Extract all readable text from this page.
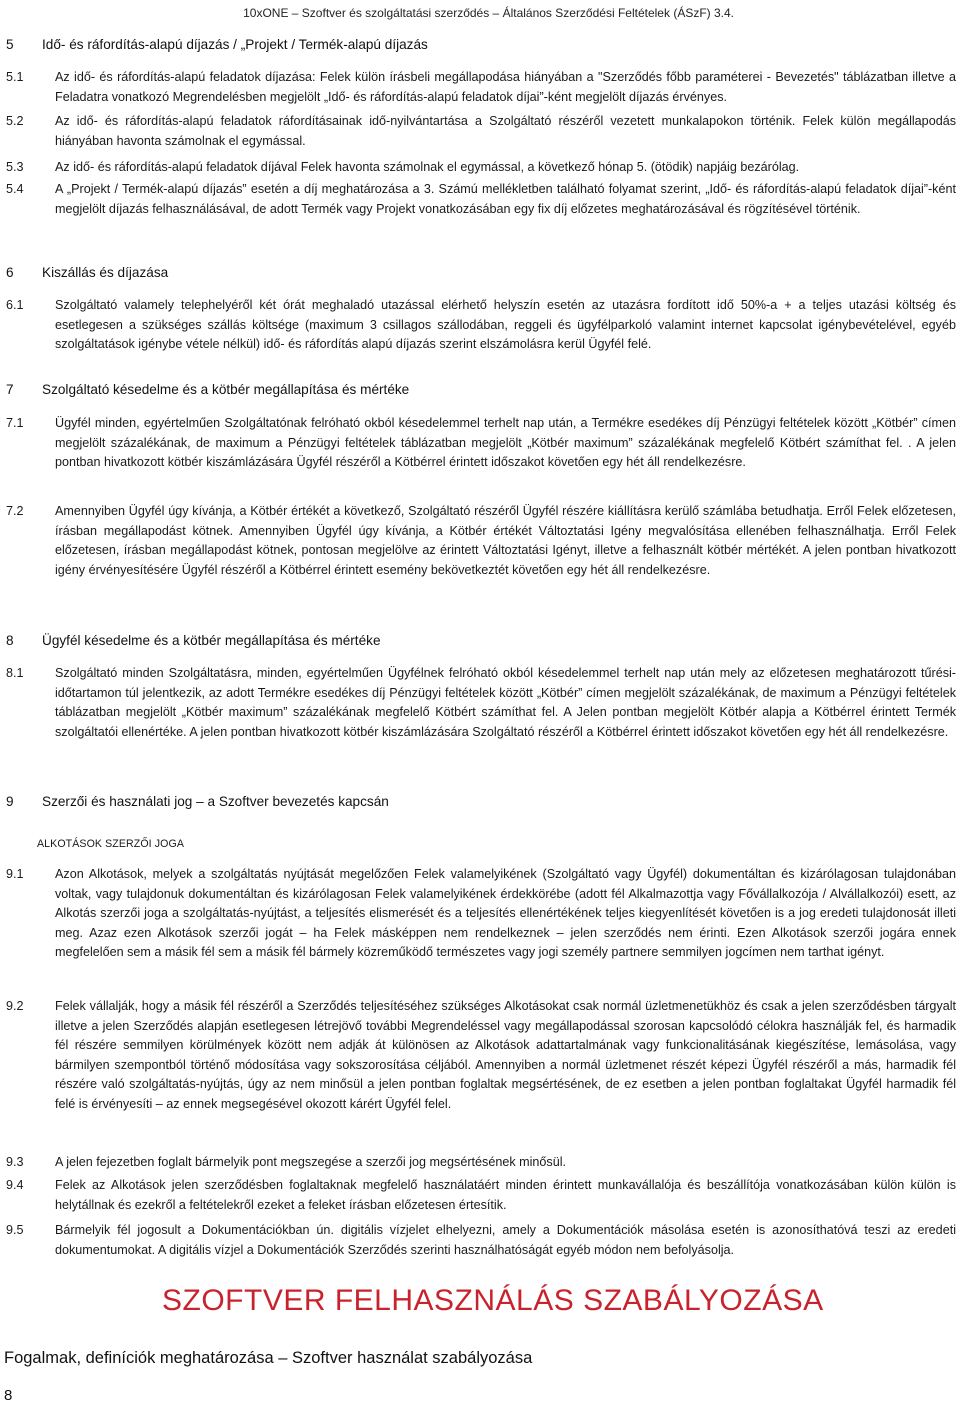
10xONE – Szoftver és szolgáltatási szerződés – Általános Szerződési Feltételek (ÁSzF) 3.4.
5 Idő- és ráfordítás-alapú díjazás / „Projekt / Termék-alapú díjazás
5.1 Az idő- és ráfordítás-alapú feladatok díjazása: Felek külön írásbeli megállapodása hiányában a "Szerződés főbb paraméterei - Bevezetés" táblázatban illetve a Feladatra vonatkozó Megrendelésben megjelölt „Idő- és ráfordítás-alapú feladatok díjai”-ként megjelölt díjazás érvényes.
5.2 Az idő- és ráfordítás-alapú feladatok ráfordításainak idő-nyilvántartása a Szolgáltató részéről vezetett munkalapokon történik. Felek külön megállapodás hiányában havonta számolnak el egymással.
5.3 Az idő- és ráfordítás-alapú feladatok díjával Felek havonta számolnak el egymással, a következő hónap 5. (ötödik) napjáig bezárólag.
5.4 A „Projekt / Termék-alapú díjazás” esetén a díj meghatározása a 3. Számú mellékletben található folyamat szerint, „Idő- és ráfordítás-alapú feladatok díjai”-ként megjelölt díjazás felhasználásával, de adott Termék vagy Projekt vonatkozásában egy fix díj előzetes meghatározásával és rögzítésével történik.
6 Kiszállás és díjazása
6.1 Szolgáltató valamely telephelyéről két órát meghaladó utazással elérhető helyszín esetén az utazásra fordított idő 50%-a + a teljes utazási költség és esetlegesen a szükséges szállás költsége (maximum 3 csillagos szállodában, reggeli és ügyfélparkoló valamint internet kapcsolat igénybevételével, egyéb szolgáltatások igénybe vétele nélkül) idő- és ráfordítás alapú díjazás szerint elszámolásra kerül Ügyfél felé.
7 Szolgáltató késedelme és a kötbér megállapítása és mértéke
7.1 Ügyfél minden, egyértelműen Szolgáltatónak felróható okból késedelemmel terhelt nap után, a Termékre esedékes díj Pénzügyi feltételek között „Kötbér” címen megjelölt százalékának, de maximum a Pénzügyi feltételek táblázatban megjelölt „Kötbér maximum” százalékának megfelelő Kötbért számíthat fel. . A jelen pontban hivatkozott kötbér kiszámlázására Ügyfél részéről a Kötbérrel érintett időszakot követően egy hét áll rendelkezésre.
7.2 Amennyiben Ügyfél úgy kívánja, a Kötbér értékét a következő, Szolgáltató részéről Ügyfél részére kiállításra kerülő számlába betudhatja. Erről Felek előzetesen, írásban megállapodást kötnek. Amennyiben Ügyfél úgy kívánja, a Kötbér értékét Változtatási Igény megvalósítása ellenében felhasználhatja. Erről Felek előzetesen, írásban megállapodást kötnek, pontosan megjelölve az érintett Változtatási Igényt, illetve a felhasznált kötbér mértékét. A jelen pontban hivatkozott igény érvényesítésére Ügyfél részéről a Kötbérrel érintett esemény bekövetkeztét követően egy hét áll rendelkezésre.
8 Ügyfél késedelme és a kötbér megállapítása és mértéke
8.1 Szolgáltató minden Szolgáltatásra, minden, egyértelműen Ügyfélnek felróható okból késedelemmel terhelt nap után mely az előzetesen meghatározott tűrési-időtartamon túl jelentkezik, az adott Termékre esedékes díj Pénzügyi feltételek között „Kötbér” címen megjelölt százalékának, de maximum a Pénzügyi feltételek táblázatban megjelölt „Kötbér maximum” százalékának megfelelő Kötbért számíthat fel. A Jelen pontban megjelölt Kötbér alapja a Kötbérrel érintett Termék szolgáltatói ellenértéke. A jelen pontban hivatkozott kötbér kiszámlázására Szolgáltató részéről a Kötbérrel érintett időszakot követően egy hét áll rendelkezésre.
9 Szerzői és használati jog – a Szoftver bevezetés kapcsán
ALKOTÁSOK SZERZŐI JOGA
9.1 Azon Alkotások, melyek a szolgáltatás nyújtását megelőzően Felek valamelyikének (Szolgáltató vagy Ügyfél) dokumentáltan és kizárólagosan tulajdonában voltak, vagy tulajdonuk dokumentáltan és kizárólagosan Felek valamelyikének érdekkörébe (adott fél Alkalmazottja vagy Fővállalkozója / Alvállalkozói) esett, az Alkotás szerzői joga a szolgáltatás-nyújtást, a teljesítés elismerését és a teljesítés ellenértékének teljes kiegyenlítését követően is a jog eredeti tulajdonosát illeti meg. Azaz ezen Alkotások szerzői jogát – ha Felek másképpen nem rendelkeznek – jelen szerződés nem érinti. Ezen Alkotások szerzői jogára ennek megfelelően sem a másik fél sem a másik fél bármely közreműködő természetes vagy jogi személy partnere semmilyen jogcímen nem tarthat igényt.
9.2 Felek vállalják, hogy a másik fél részéről a Szerződés teljesítéséhez szükséges Alkotásokat csak normál üzletmenetükhöz és csak a jelen szerződésben tárgyalt illetve a jelen Szerződés alapján esetlegesen létrejövő további Megrendeléssel vagy megállapodással szorosan kapcsolódó célokra használják fel, és harmadik fél részére semmilyen körülmények között nem adják át különösen az Alkotások adattartalmának vagy funkcionalitásának kiegészítése, lemásolása, vagy bármilyen szempontból történő módosítása vagy sokszorosítása céljából. Amennyiben a normál üzletmenet részét képezi Ügyfél részéről a más, harmadik fél részére való szolgáltatás-nyújtás, úgy az nem minősül a jelen pontban foglaltak megsértésének, de ez esetben a jelen pontban foglaltakat Ügyfél harmadik fél felé is érvényesíti – az ennek megsegésével okozott kárért Ügyfél felel.
9.3 A jelen fejezetben foglalt bármelyik pont megszegése a szerzői jog megsértésének minősül.
9.4 Felek az Alkotások jelen szerződésben foglaltaknak megfelelő használatáért minden érintett munkavállalója és beszállítója vonatkozásában külön külön is helytállnak és ezekről a feltételekről ezeket a feleket írásban előzetesen értesítik.
9.5 Bármelyik fél jogosult a Dokumentációkban ún. digitális vízjelet elhelyezni, amely a Dokumentációk másolása esetén is azonosíthatóvá teszi az eredeti dokumentumokat. A digitális vízjel a Dokumentációk Szerződés szerinti használhatóságát egyéb módon nem befolyásolja.
SZOFTVER FELHASZNÁLÁS SZABÁLYOZÁSA
Fogalmak, definíciók meghatározása – Szoftver használat szabályozása
8
